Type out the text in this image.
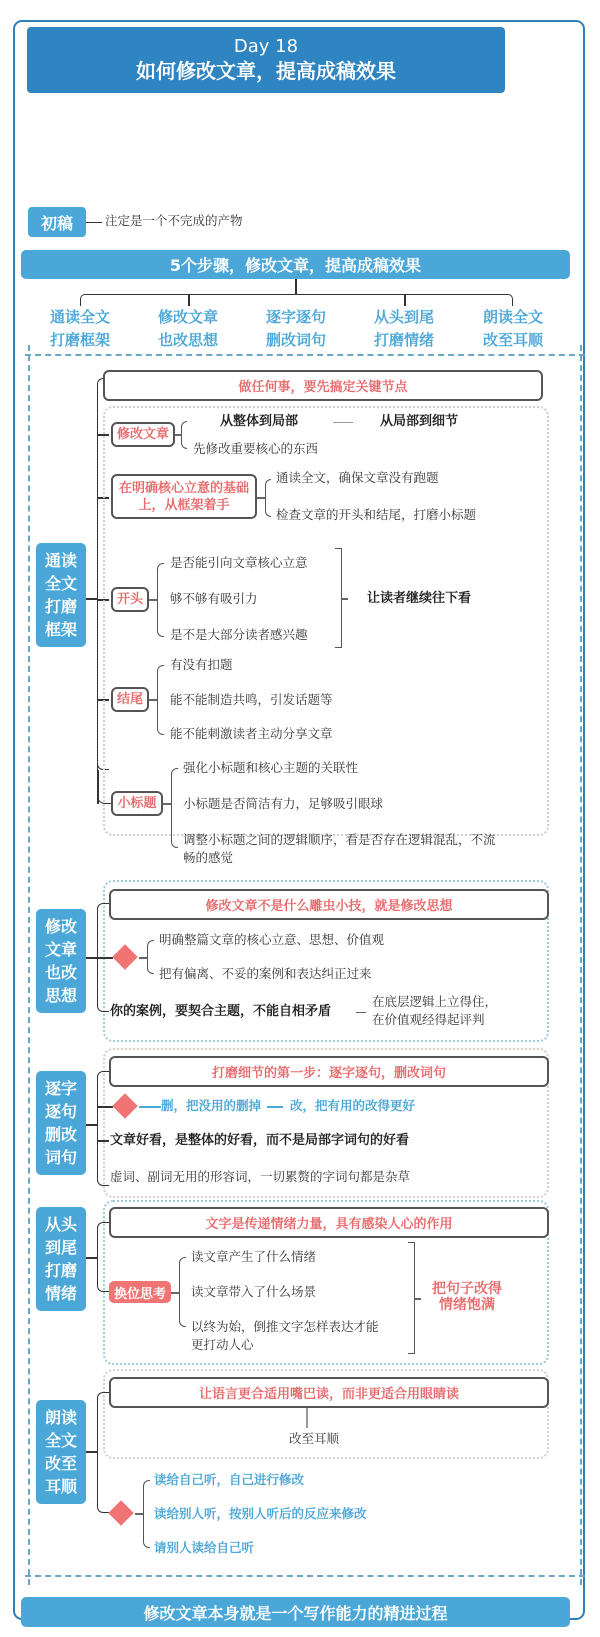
Day 18
如何修改文章，提高成稿效果
初稿	注定是一个不完成的产物
5个步骤，修改文章，提高成稿效果
通读全文
打磨框架
修改文章
也改思想
逐字逐句
删改词句
从头到尾
打磨情绪
朗读全文
改至耳顺
通读
全文
打磨
框架
做任何事，要先搞定关键节点
修改文章
从整体到局部	从局部到细节
先修改重要核心的东西
在明确核心立意的基础
上，从框架着手
通读全文，确保文章没有跑题
检查文章的开头和结尾，打磨小标题
开头
是否能引向文章核心立意
够不够有吸引力
是不是大部分读者感兴趣
让读者继续往下看
结尾
有没有扣题
能不能制造共鸣，引发话题等
能不能刺激读者主动分享文章
小标题
强化小标题和核心主题的关联性
小标题是否简洁有力，足够吸引眼球
调整小标题之间的逻辑顺序，看是否存在逻辑混乱，不流
畅的感觉
修改
文章
也改
思想
修改文章不是什么雕虫小技，就是修改思想
明确整篇文章的核心立意、思想、价值观
把有偏离、不妥的案例和表达纠正过来
你的案例，要契合主题，不能自相矛盾
在底层逻辑上立得住，
在价值观经得起评判
逐字
逐句
删改
词句
打磨细节的第一步：逐字逐句，删改词句
删，把没用的删掉 改，把有用的改得更好
文章好看，是整体的好看，而不是局部字词句的好看
虚词、副词无用的形容词，一切累赘的字词句都是杂草
从头
到尾
打磨
情绪
文字是传递情绪力量，具有感染人心的作用
换位思考
读文章产生了什么情绪
读文章带入了什么场景
以终为始，倒推文字怎样表达才能
更打动人心
把句子改得
情绪饱满
朗读
全文
改至
耳顺
让语言更合适用嘴巴读，而非更适合用眼睛读
改至耳顺
读给自己听，自己进行修改
读给别人听，按别人听后的反应来修改
请别人读给自己听
修改文章本身就是一个写作能力的精进过程
